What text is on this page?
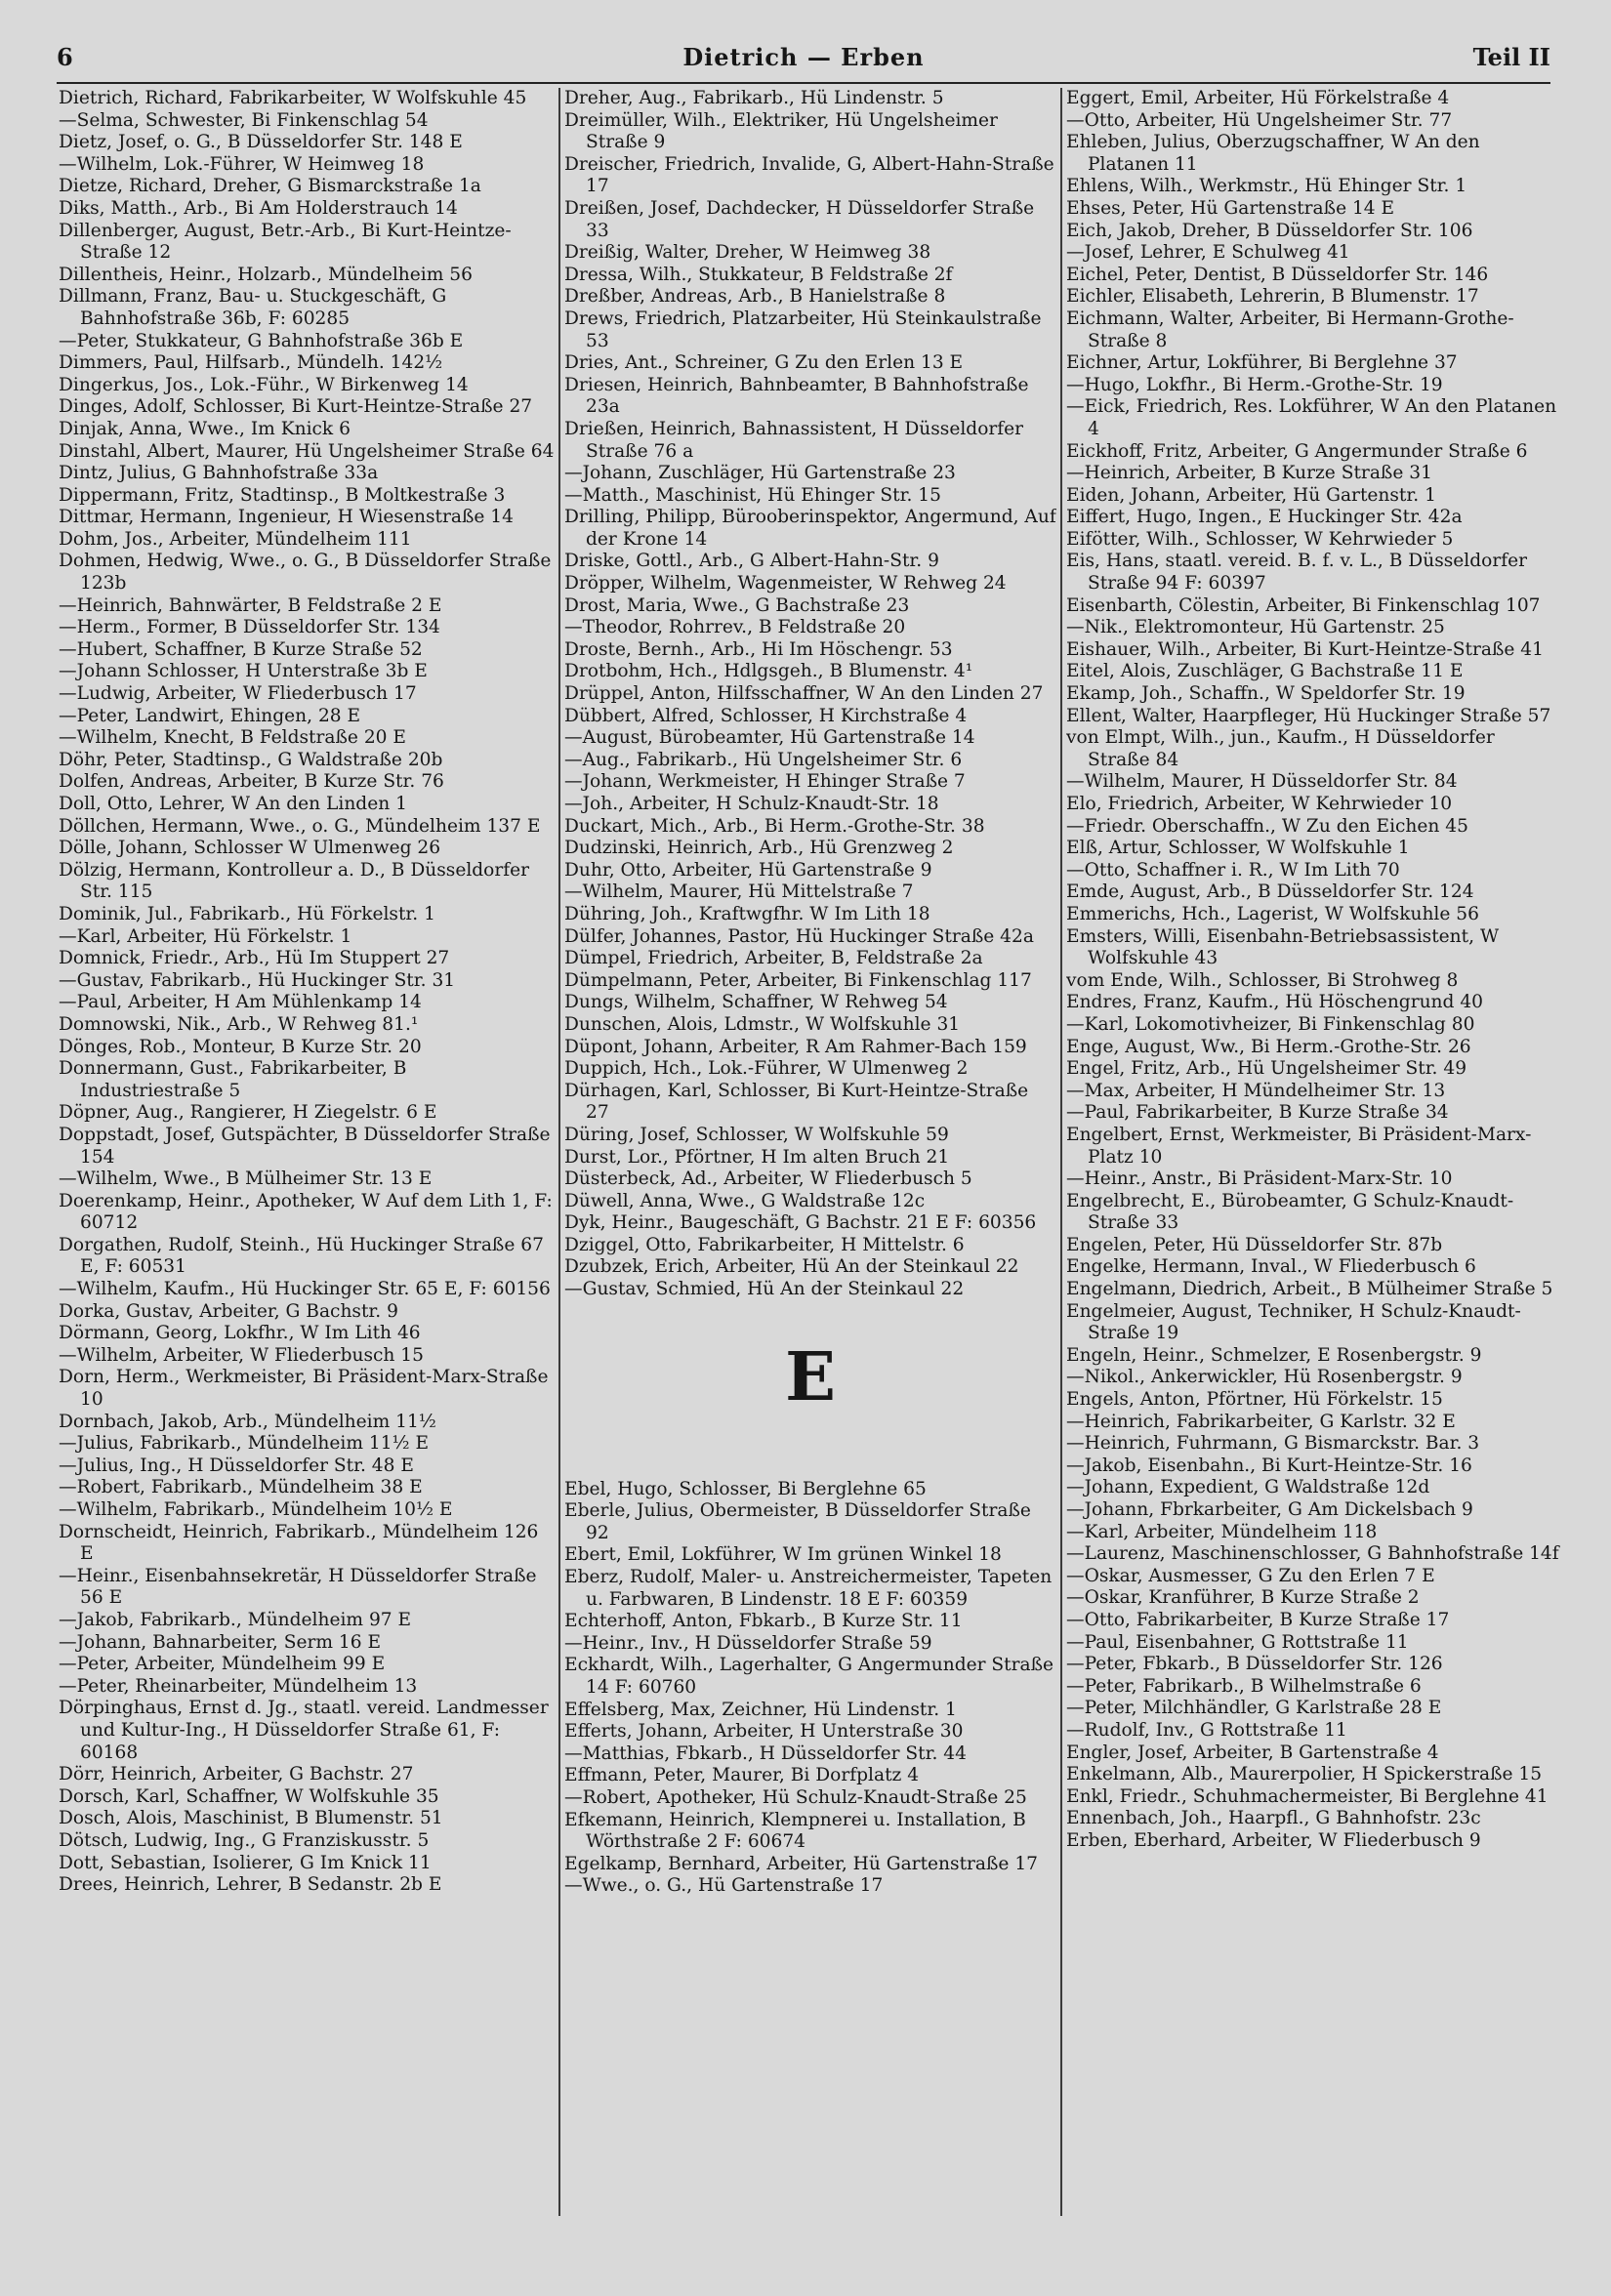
6	Dietrich — Erben	Teil II
Dietrich, Richard, Fabrikarbeiter, W Wolfskuhle 45
—Selma, Schwester, Bi Finkenschlag 54
Dietz, Josef, o. G., B Düsseldorfer Str. 148 E
—Wilhelm, Lok.-Führer, W Heimweg 18
Dietze, Richard, Dreher, G Bismarckstraße 1a
Diks, Matth., Arb., Bi Am Holderstrauch 14
Dillenberger, August, Betr.-Arb., Bi Kurt-Heintze-Straße 12
Dillentheis, Heinr., Holzarb., Mündelheim 56
Dillmann, Franz, Bau- u. Stuckgeschäft, G Bahnhofstraße 36b, F: 60285
—Peter, Stukkateur, G Bahnhofstraße 36b E
Dimmers, Paul, Hilfsarb., Mündelh. 142½
Dingerkus, Jos., Lok.-Führ., W Birkenweg 14
Dinges, Adolf, Schlosser, Bi Kurt-Heintze-Straße 27
Dinjak, Anna, Wwe., Im Knick 6
Dinstahl, Albert, Maurer, Hü Ungelsheimer Straße 64
Dintz, Julius, G Bahnhofstraße 33a
Dippermann, Fritz, Stadtinsp., B Moltkestraße 3
Dittmar, Hermann, Ingenieur, H Wiesenstraße 14
Dohm, Jos., Arbeiter, Mündelheim 111
Dohmen, Hedwig, Wwe., o. G., B Düsseldorfer Straße 123b
—Heinrich, Bahnwärter, B Feldstraße 2 E
—Herm., Former, B Düsseldorfer Str. 134
—Hubert, Schaffner, B Kurze Straße 52
—Johann Schlosser, H Unterstraße 3b E
—Ludwig, Arbeiter, W Fliederbusch 17
—Peter, Landwirt, Ehingen, 28 E
—Wilhelm, Knecht, B Feldstraße 20 E
Döhr, Peter, Stadtinsp., G Waldstraße 20b
Dolfen, Andreas, Arbeiter, B Kurze Str. 76
Doll, Otto, Lehrer, W An den Linden 1
Döllchen, Hermann, Wwe., o. G., Mündelheim 137 E
Dölle, Johann, Schlosser W Ulmenweg 26
Dölzig, Hermann, Kontrolleur a. D., B Düsseldorfer Str. 115
Dominik, Jul., Fabrikarb., Hü Förkelstr. 1
—Karl, Arbeiter, Hü Förkelstr. 1
Domnick, Friedr., Arb., Hü Im Stuppert 27
—Gustav, Fabrikarb., Hü Huckinger Str. 31
—Paul, Arbeiter, H Am Mühlenkamp 14
Domnowski, Nik., Arb., W Rehweg 81.¹
Dönges, Rob., Monteur, B Kurze Str. 20
Donnermann, Gust., Fabrikarbeiter, B Industriestraße 5
Döpner, Aug., Rangierer, H Ziegelstr. 6 E
Doppstadt, Josef, Gutspächter, B Düsseldorfer Straße 154
—Wilhelm, Wwe., B Mülheimer Str. 13 E
Doerenkamp, Heinr., Apotheker, W Auf dem Lith 1, F: 60712
Dorgathen, Rudolf, Steinh., Hü Huckinger Straße 67 E, F: 60531
—Wilhelm, Kaufm., Hü Huckinger Str. 65 E, F: 60156
Dorka, Gustav, Arbeiter, G Bachstr. 9
Dörmann, Georg, Lokfhr., W Im Lith 46
—Wilhelm, Arbeiter, W Fliederbusch 15
Dorn, Herm., Werkmeister, Bi Präsident-Marx-Straße 10
Dornbach, Jakob, Arb., Mündelheim 11½
—Julius, Fabrikarb., Mündelheim 11½ E
—Julius, Ing., H Düsseldorfer Str. 48 E
—Robert, Fabrikarb., Mündelheim 38 E
—Wilhelm, Fabrikarb., Mündelheim 10½ E
Dornscheidt, Heinrich, Fabrikarb., Mündelheim 126 E
—Heinr., Eisenbahnsekretär, H Düsseldorfer Straße 56 E
—Jakob, Fabrikarb., Mündelheim 97 E
—Johann, Bahnarbeiter, Serm 16 E
—Peter, Arbeiter, Mündelheim 99 E
—Peter, Rheinarbeiter, Mündelheim 13
Dörpinghaus, Ernst d. Jg., staatl. vereid. Landmesser und Kultur-Ing., H Düsseldorfer Straße 61, F: 60168
Dörr, Heinrich, Arbeiter, G Bachstr. 27
Dorsch, Karl, Schaffner, W Wolfskuhle 35
Dosch, Alois, Maschinist, B Blumenstr. 51
Dötsch, Ludwig, Ing., G Franziskusstr. 5
Dott, Sebastian, Isolierer, G Im Knick 11
Drees, Heinrich, Lehrer, B Sedanstr. 2b E
Dreher, Aug., Fabrikarb., Hü Lindenstr. 5
Dreimüller, Wilh., Elektriker, Hü Ungelsheimer Straße 9
Dreischer, Friedrich, Invalide, G, Albert-Hahn-Straße 17
Dreißen, Josef, Dachdecker, H Düsseldorfer Straße 33
Dreißig, Walter, Dreher, W Heimweg 38
Dressa, Wilh., Stukkateur, B Feldstraße 2f
Dreßber, Andreas, Arb., B Hanielstraße 8
Drews, Friedrich, Platzarbeiter, Hü Steinkaulstraße 53
Dries, Ant., Schreiner, G Zu den Erlen 13 E
Driesen, Heinrich, Bahnbeamter, B Bahnhofstraße 23a
Drießen, Heinrich, Bahnassistent, H Düsseldorfer Straße 76 a
—Johann, Zuschläger, Hü Gartenstraße 23
—Matth., Maschinist, Hü Ehinger Str. 15
Drilling, Philipp, Bürooberinspektor, Angermund, Auf der Krone 14
Driske, Gottl., Arb., G Albert-Hahn-Str. 9
Dröpper, Wilhelm, Wagenmeister, W Rehweg 24
Drost, Maria, Wwe., G Bachstraße 23
—Theodor, Rohrrev., B Feldstraße 20
Droste, Bernh., Arb., Hi Im Höschengr. 53
Drotbohm, Hch., Hdlgsgeh., B Blumenstr. 4¹
Drüppel, Anton, Hilfsschaffner, W An den Linden 27
Dübbert, Alfred, Schlosser, H Kirchstraße 4
—August, Bürobeamter, Hü Gartenstraße 14
—Aug., Fabrikarb., Hü Ungelsheimer Str. 6
—Johann, Werkmeister, H Ehinger Straße 7
—Joh., Arbeiter, H Schulz-Knaudt-Str. 18
Duckart, Mich., Arb., Bi Herm.-Grothe-Str. 38
Dudzinski, Heinrich, Arb., Hü Grenzweg 2
Duhr, Otto, Arbeiter, Hü Gartenstraße 9
—Wilhelm, Maurer, Hü Mittelstraße 7
Dühring, Joh., Kraftwgfhr. W Im Lith 18
Dülfer, Johannes, Pastor, Hü Huckinger Straße 42a
Dümpel, Friedrich, Arbeiter, B, Feldstraße 2a
Dümpelmann, Peter, Arbeiter, Bi Finkenschlag 117
Dungs, Wilhelm, Schaffner, W Rehweg 54
Dunschen, Alois, Ldmstr., W Wolfskuhle 31
Düpont, Johann, Arbeiter, R Am Rahmer-Bach 159
Duppich, Hch., Lok.-Führer, W Ulmenweg 2
Dürhagen, Karl, Schlosser, Bi Kurt-Heintze-Straße 27
Düring, Josef, Schlosser, W Wolfskuhle 59
Durst, Lor., Pförtner, H Im alten Bruch 21
Düsterbeck, Ad., Arbeiter, W Fliederbusch 5
Düwell, Anna, Wwe., G Waldstraße 12c
Dyk, Heinr., Baugeschäft, G Bachstr. 21 E F: 60356
Dziggel, Otto, Fabrikarbeiter, H Mittelstr. 6
Dzubzek, Erich, Arbeiter, Hü An der Steinkaul 22
—Gustav, Schmied, Hü An der Steinkaul 22
E
Ebel, Hugo, Schlosser, Bi Berglehne 65
Eberle, Julius, Obermeister, B Düsseldorfer Straße 92
Ebert, Emil, Lokführer, W Im grünen Winkel 18
Eberz, Rudolf, Maler- u. Anstreichermeister, Tapeten u. Farbwaren, B Lindenstr. 18 E F: 60359
Echterhoff, Anton, Fbkarb., B Kurze Str. 11
—Heinr., Inv., H Düsseldorfer Straße 59
Eckhardt, Wilh., Lagerhalter, G Angermunder Straße 14 F: 60760
Effelsberg, Max, Zeichner, Hü Lindenstr. 1
Efferts, Johann, Arbeiter, H Unterstraße 30
—Matthias, Fbkarb., H Düsseldorfer Str. 44
Effmann, Peter, Maurer, Bi Dorfplatz 4
—Robert, Apotheker, Hü Schulz-Knaudt-Straße 25
Efkemann, Heinrich, Klempnerei u. Installation, B Wörthstraße 2 F: 60674
Egelkamp, Bernhard, Arbeiter, Hü Gartenstraße 17
—Wwe., o. G., Hü Gartenstraße 17
Eggert, Emil, Arbeiter, Hü Förkelstraße 4
—Otto, Arbeiter, Hü Ungelsheimer Str. 77
Ehleben, Julius, Oberzugschaffner, W An den Platanen 11
Ehlens, Wilh., Werkmstr., Hü Ehinger Str. 1
Ehses, Peter, Hü Gartenstraße 14 E
Eich, Jakob, Dreher, B Düsseldorfer Str. 106
—Josef, Lehrer, E Schulweg 41
Eichel, Peter, Dentist, B Düsseldorfer Str. 146
Eichler, Elisabeth, Lehrerin, B Blumenstr. 17
Eichmann, Walter, Arbeiter, Bi Hermann-Grothe-Straße 8
Eichner, Artur, Lokführer, Bi Berglehne 37
—Hugo, Lokfhr., Bi Herm.-Grothe-Str. 19
—Eick, Friedrich, Res. Lokführer, W An den Platanen 4
Eickhoff, Fritz, Arbeiter, G Angermunder Straße 6
—Heinrich, Arbeiter, B Kurze Straße 31
Eiden, Johann, Arbeiter, Hü Gartenstr. 1
Eiffert, Hugo, Ingen., E Huckinger Str. 42a
Eifötter, Wilh., Schlosser, W Kehrwieder 5
Eis, Hans, staatl. vereid. B. f. v. L., B Düsseldorfer Straße 94 F: 60397
Eisenbarth, Cölestin, Arbeiter, Bi Finkenschlag 107
—Nik., Elektromonteur, Hü Gartenstr. 25
Eishauer, Wilh., Arbeiter, Bi Kurt-Heintze-Straße 41
Eitel, Alois, Zuschläger, G Bachstraße 11 E
Ekamp, Joh., Schaffn., W Speldorfer Str. 19
Ellent, Walter, Haarpfleger, Hü Huckinger Straße 57
von Elmpt, Wilh., jun., Kaufm., H Düsseldorfer Straße 84
—Wilhelm, Maurer, H Düsseldorfer Str. 84
Elo, Friedrich, Arbeiter, W Kehrwieder 10
—Friedr. Oberschaffn., W Zu den Eichen 45
Elß, Artur, Schlosser, W Wolfskuhle 1
—Otto, Schaffner i. R., W Im Lith 70
Emde, August, Arb., B Düsseldorfer Str. 124
Emmerichs, Hch., Lagerist, W Wolfskuhle 56
Emsters, Willi, Eisenbahn-Betriebsassistent, W Wolfskuhle 43
vom Ende, Wilh., Schlosser, Bi Strohweg 8
Endres, Franz, Kaufm., Hü Höschengrund 40
—Karl, Lokomotivheizer, Bi Finkenschlag 80
Enge, August, Ww., Bi Herm.-Grothe-Str. 26
Engel, Fritz, Arb., Hü Ungelsheimer Str. 49
—Max, Arbeiter, H Mündelheimer Str. 13
—Paul, Fabrikarbeiter, B Kurze Straße 34
Engelbert, Ernst, Werkmeister, Bi Präsident-Marx-Platz 10
—Heinr., Anstr., Bi Präsident-Marx-Str. 10
Engelbrecht, E., Bürobeamter, G Schulz-Knaudt-Straße 33
Engelen, Peter, Hü Düsseldorfer Str. 87b
Engelke, Hermann, Inval., W Fliederbusch 6
Engelmann, Diedrich, Arbeit., B Mülheimer Straße 5
Engelmeier, August, Techniker, H Schulz-Knaudt-Straße 19
Engeln, Heinr., Schmelzer, E Rosenbergstr. 9
—Nikol., Ankerwickler, Hü Rosenbergstr. 9
Engels, Anton, Pförtner, Hü Förkelstr. 15
—Heinrich, Fabrikarbeiter, G Karlstr. 32 E
—Heinrich, Fuhrmann, G Bismarckstr. Bar. 3
—Jakob, Eisenbahn., Bi Kurt-Heintze-Str. 16
—Johann, Expedient, G Waldstraße 12d
—Johann, Fbrkarbeiter, G Am Dickelsbach 9
—Karl, Arbeiter, Mündelheim 118
—Laurenz, Maschinenschlosser, G Bahnhofstraße 14f
—Oskar, Ausmesser, G Zu den Erlen 7 E
—Oskar, Kranführer, B Kurze Straße 2
—Otto, Fabrikarbeiter, B Kurze Straße 17
—Paul, Eisenbahner, G Rottstraße 11
—Peter, Fbkarb., B Düsseldorfer Str. 126
—Peter, Fabrikarb., B Wilhelmstraße 6
—Peter, Milchhändler, G Karlstraße 28 E
—Rudolf, Inv., G Rottstraße 11
Engler, Josef, Arbeiter, B Gartenstraße 4
Enkelmann, Alb., Maurerpolier, H Spickerstraße 15
Enkl, Friedr., Schuhmachermeister, Bi Berglehne 41
Ennenbach, Joh., Haarpfl., G Bahnhofstr. 23c
Erben, Eberhard, Arbeiter, W Fliederbusch 9
